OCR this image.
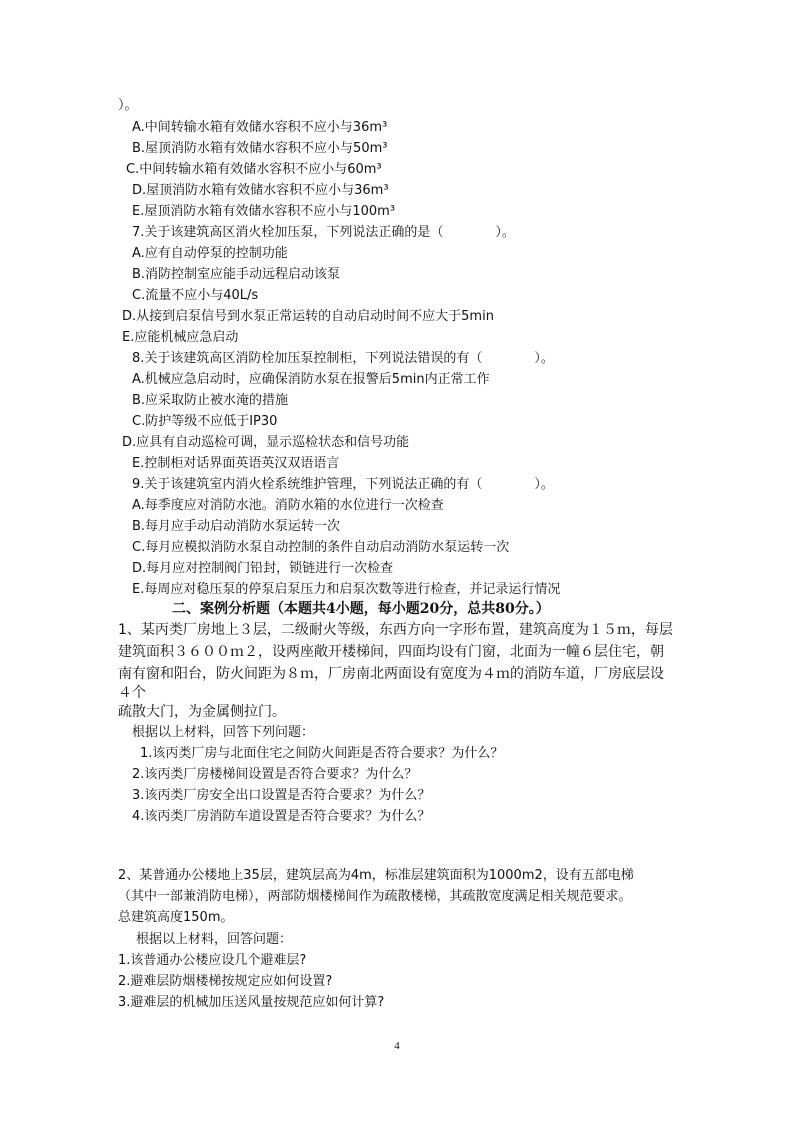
）。
A.中间转输水箱有效储水容积不应小与36m³
B.屋顶消防水箱有效储水容积不应小与50m³
C.中间转输水箱有效储水容积不应小与60m³
D.屋顶消防水箱有效储水容积不应小与36m³
E.屋顶消防水箱有效储水容积不应小与100m³
7.关于该建筑高区消火栓加压泵，下列说法正确的是（　　　　）。
A.应有自动停泵的控制功能
B.消防控制室应能手动远程启动该泵
C.流量不应小与40L/s
D.从接到启泵信号到水泵正常运转的自动启动时间不应大于5min
E.应能机械应急启动
8.关于该建筑高区消防栓加压泵控制柜，下列说法错误的有（　　　　）。
A.机械应急启动时，应确保消防水泵在报警后5min内正常工作
B.应采取防止被水淹的措施
C.防护等级不应低于IP30
D.应具有自动巡检可调，显示巡检状态和信号功能
E.控制柜对话界面英语英汉双语语言
9.关于该建筑室内消火栓系统维护管理，下列说法正确的有（　　　　）。
A.每季度应对消防水池。消防水箱的水位进行一次检查
B.每月应手动启动消防水泵运转一次
C.每月应模拟消防水泵自动控制的条件自动启动消防水泵运转一次
D.每月应对控制阀门铅封，锁链进行一次检查
E.每周应对稳压泵的停泵启泵压力和启泵次数等进行检查，并记录运行情况
二、案例分析题（本题共4小题，每小题20分，总共80分。）
1、某丙类厂房地上３层，二级耐火等级，东西方向一字形布置，建筑高度为１５ｍ，每层
建筑面积３６００ｍ２，设两座敞开楼梯间，四面均设有门窗，北面为一幢６层住宅，朝
南有窗和阳台，防火间距为８ｍ，厂房南北两面设有宽度为４ｍ的消防车道，厂房底层设
４个
疏散大门，为金属侧拉门。
根据以上材料，回答下列问题：
1.该丙类厂房与北面住宅之间防火间距是否符合要求？为什么？
2.该丙类厂房楼梯间设置是否符合要求？为什么？
3.该丙类厂房安全出口设置是否符合要求？为什么？
4.该丙类厂房消防车道设置是否符合要求？为什么？
2、某普通办公楼地上35层，建筑层高为4m，标准层建筑面积为1000m2，设有五部电梯
（其中一部兼消防电梯），两部防烟楼梯间作为疏散楼梯，其疏散宽度满足相关规范要求。
总建筑高度150m。
根据以上材料，回答问题：
1.该普通办公楼应设几个避难层?
2.避难层防烟楼梯按规定应如何设置?
3.避难层的机械加压送风量按规范应如何计算?
4
